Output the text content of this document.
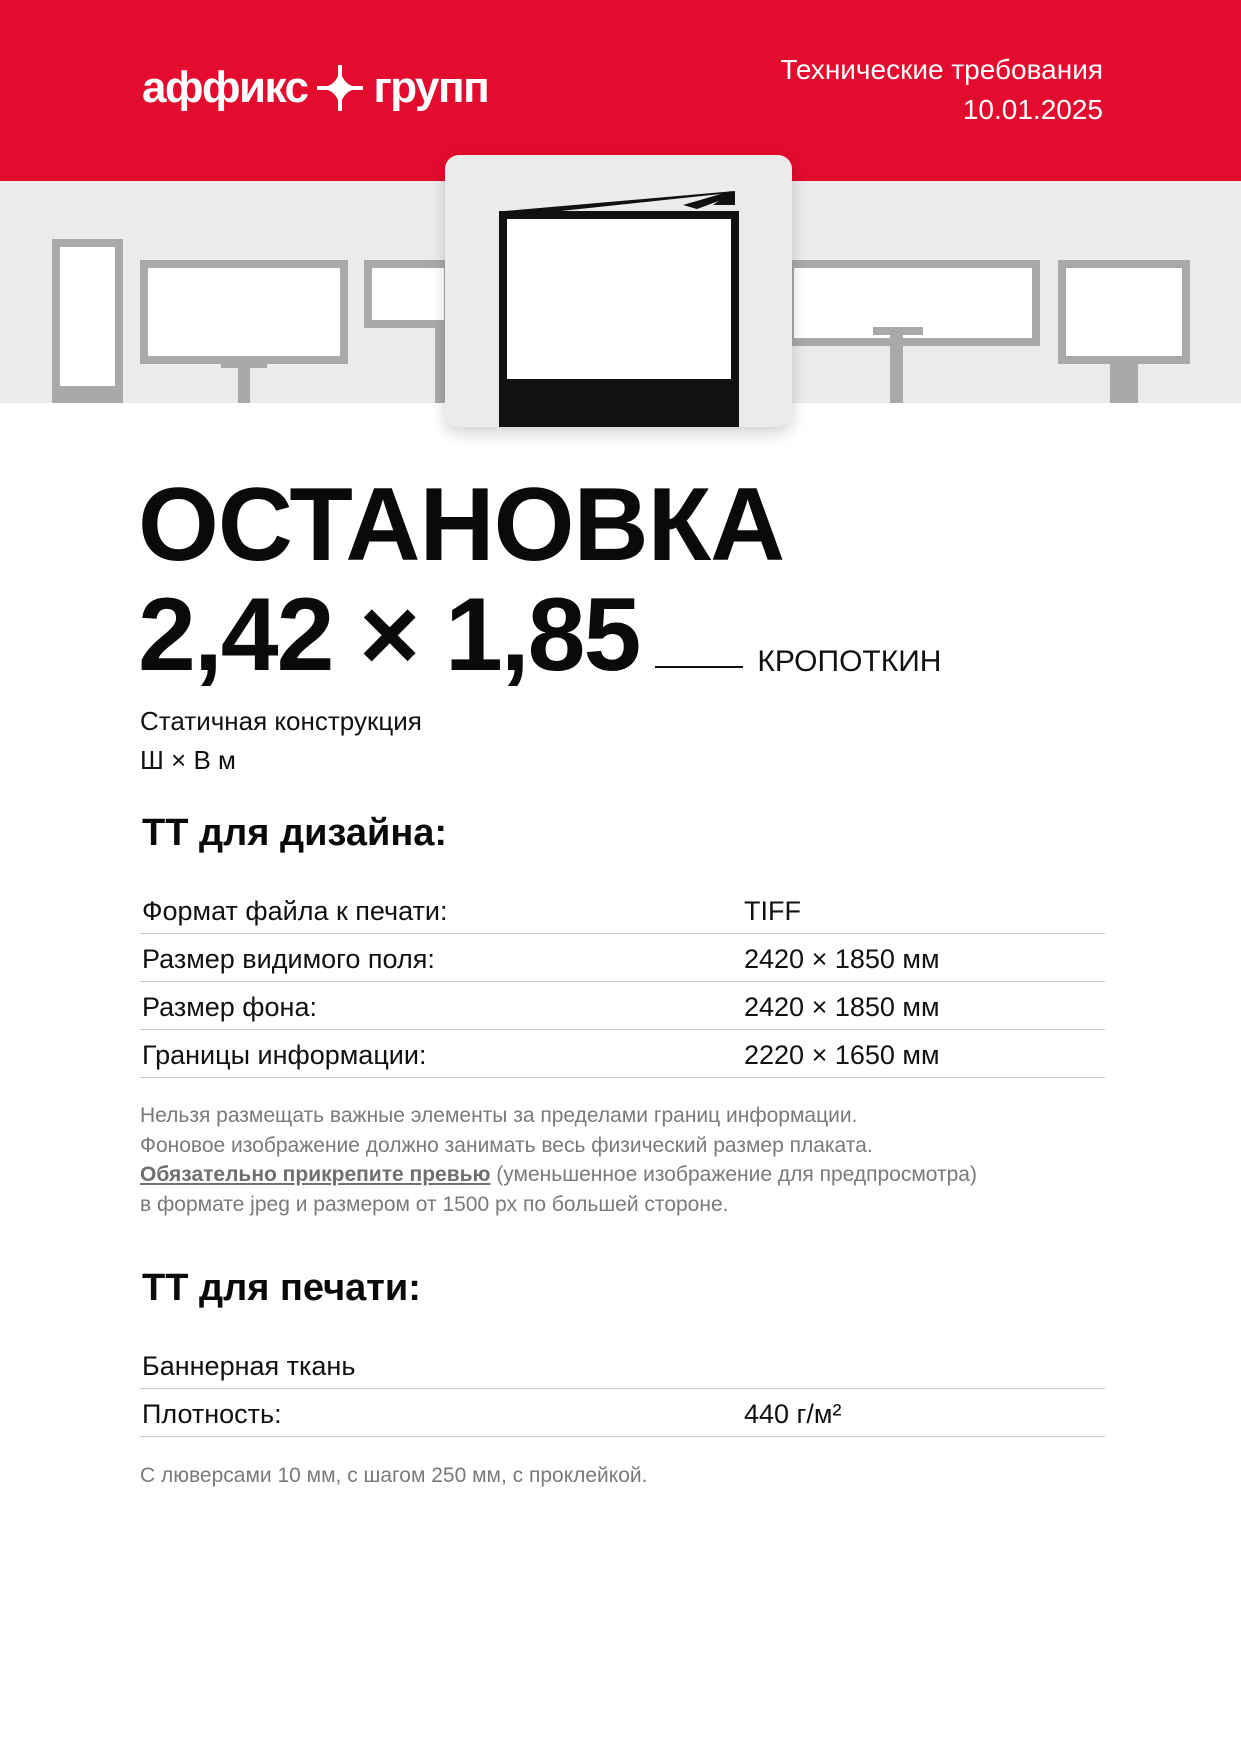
аффикс групп	Технические требования
10.01.2025
ОСТАНОВКА
2,42 × 1,85	КРОПОТКИН
Статичная конструкция
Ш × В м
ТТ для дизайна:
Формат файла к печати:	TIFF
Размер видимого поля:	2420 × 1850 мм
Размер фона:	2420 × 1850 мм
Границы информации:	2220 × 1650 мм
Нельзя размещать важные элементы за пределами границ информации.
Фоновое изображение должно занимать весь физический размер плаката.
Обязательно прикрепите превью (уменьшенное изображение для предпросмотра)
в формате jpeg и размером от 1500 px по большей стороне.
ТТ для печати:
Баннерная ткань
Плотность:	440 г/м²
С люверсами 10 мм, с шагом 250 мм, с проклейкой.
